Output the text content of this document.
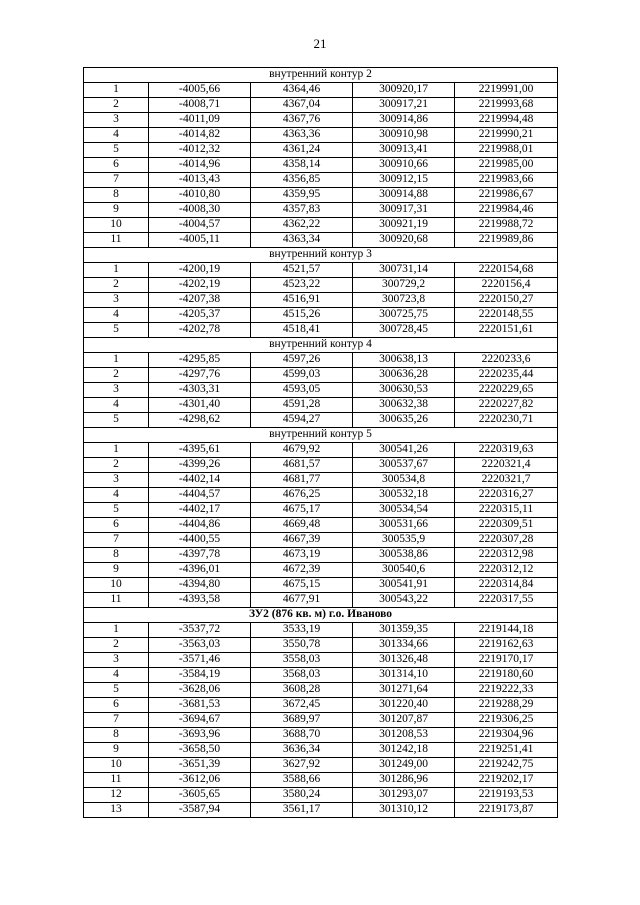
21
внутренний контур 2				
1	-4005,66	4364,46	300920,17	2219991,00
2	-4008,71	4367,04	300917,21	2219993,68
3	-4011,09	4367,76	300914,86	2219994,48
4	-4014,82	4363,36	300910,98	2219990,21
5	-4012,32	4361,24	300913,41	2219988,01
6	-4014,96	4358,14	300910,66	2219985,00
7	-4013,43	4356,85	300912,15	2219983,66
8	-4010,80	4359,95	300914,88	2219986,67
9	-4008,30	4357,83	300917,31	2219984,46
10	-4004,57	4362,22	300921,19	2219988,72
11	-4005,11	4363,34	300920,68	2219989,86
внутренний контур 3				
1	-4200,19	4521,57	300731,14	2220154,68
2	-4202,19	4523,22	300729,2	2220156,4
3	-4207,38	4516,91	300723,8	2220150,27
4	-4205,37	4515,26	300725,75	2220148,55
5	-4202,78	4518,41	300728,45	2220151,61
внутренний контур 4				
1	-4295,85	4597,26	300638,13	2220233,6
2	-4297,76	4599,03	300636,28	2220235,44
3	-4303,31	4593,05	300630,53	2220229,65
4	-4301,40	4591,28	300632,38	2220227,82
5	-4298,62	4594,27	300635,26	2220230,71
внутренний контур 5				
1	-4395,61	4679,92	300541,26	2220319,63
2	-4399,26	4681,57	300537,67	2220321,4
3	-4402,14	4681,77	300534,8	2220321,7
4	-4404,57	4676,25	300532,18	2220316,27
5	-4402,17	4675,17	300534,54	2220315,11
6	-4404,86	4669,48	300531,66	2220309,51
7	-4400,55	4667,39	300535,9	2220307,28
8	-4397,78	4673,19	300538,86	2220312,98
9	-4396,01	4672,39	300540,6	2220312,12
10	-4394,80	4675,15	300541,91	2220314,84
11	-4393,58	4677,91	300543,22	2220317,55
ЗУ2 (876 кв. м) г.о. Иваново				
1	-3537,72	3533,19	301359,35	2219144,18
2	-3563,03	3550,78	301334,66	2219162,63
3	-3571,46	3558,03	301326,48	2219170,17
4	-3584,19	3568,03	301314,10	2219180,60
5	-3628,06	3608,28	301271,64	2219222,33
6	-3681,53	3672,45	301220,40	2219288,29
7	-3694,67	3689,97	301207,87	2219306,25
8	-3693,96	3688,70	301208,53	2219304,96
9	-3658,50	3636,34	301242,18	2219251,41
10	-3651,39	3627,92	301249,00	2219242,75
11	-3612,06	3588,66	301286,96	2219202,17
12	-3605,65	3580,24	301293,07	2219193,53
13	-3587,94	3561,17	301310,12	2219173,87
